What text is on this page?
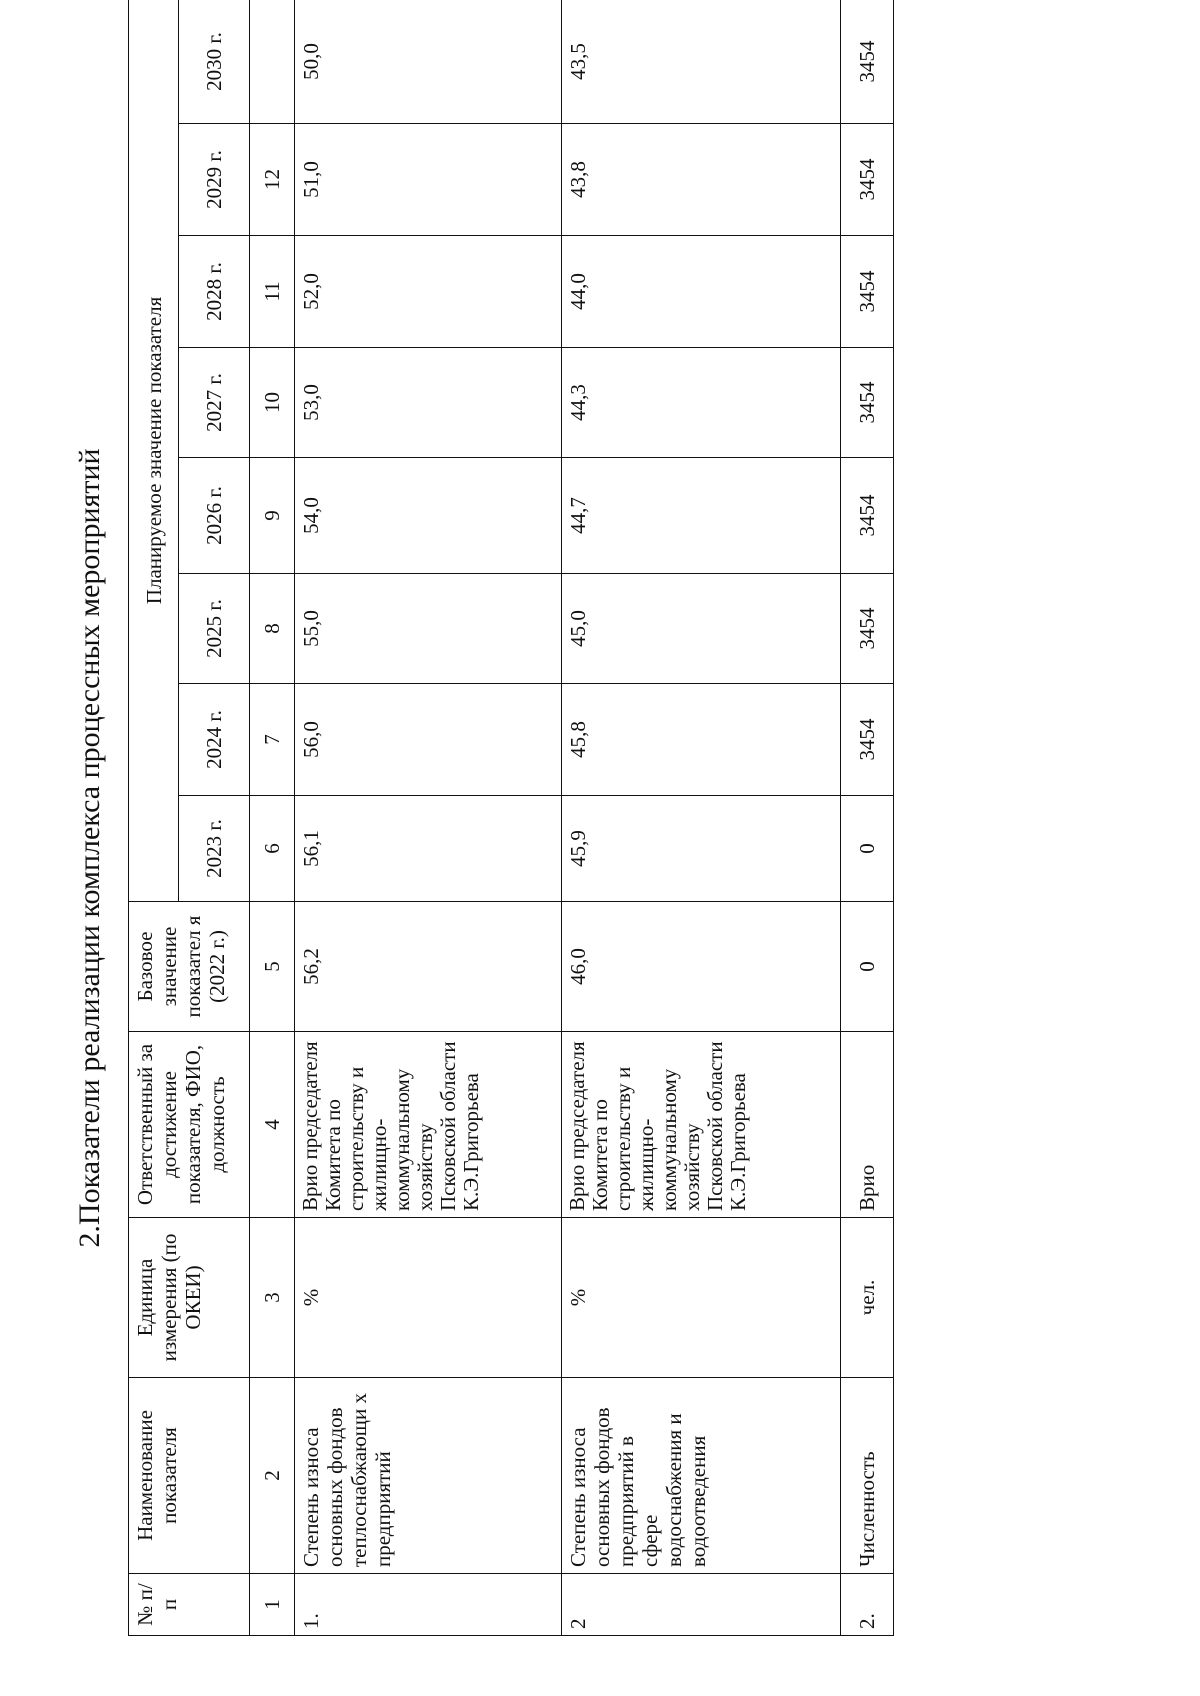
2.Показатели реализации комплекса процессных мероприятий
№ п/п	Наименование показателя	Единица измерения (по ОКЕИ)	Ответственный за достижение показателя, ФИО, должность	Базовое значение показател я (2022 г.)	Планируемое значение показателя							
					2023 г.	2024 г.	2025 г.	2026 г.	2027 г.	2028 г.	2029 г.	2030 г.
1	2	3	4	5	6	7	8	9	10	11	12	
1.	Степень износа основных фондов теплоснабжающи х предприятий	%	Врио председателя Комитета по строительству и жилищно-коммунальному хозяйству Псковской области К.Э.Григорьева	56,2	56,1	56,0	55,0	54,0	53,0	52,0	51,0	50,0
2	Степень износа основных фондов предприятий в сфере водоснабжения и водоотведения	%	Врио председателя Комитета по строительству и жилищно-коммунальному хозяйству Псковской области К.Э.Григорьева	46,0	45,9	45,8	45,0	44,7	44,3	44,0	43,8	43,5
2.	Численность	чел.	Врио	0	0	3454	3454	3454	3454	3454	3454	3454
